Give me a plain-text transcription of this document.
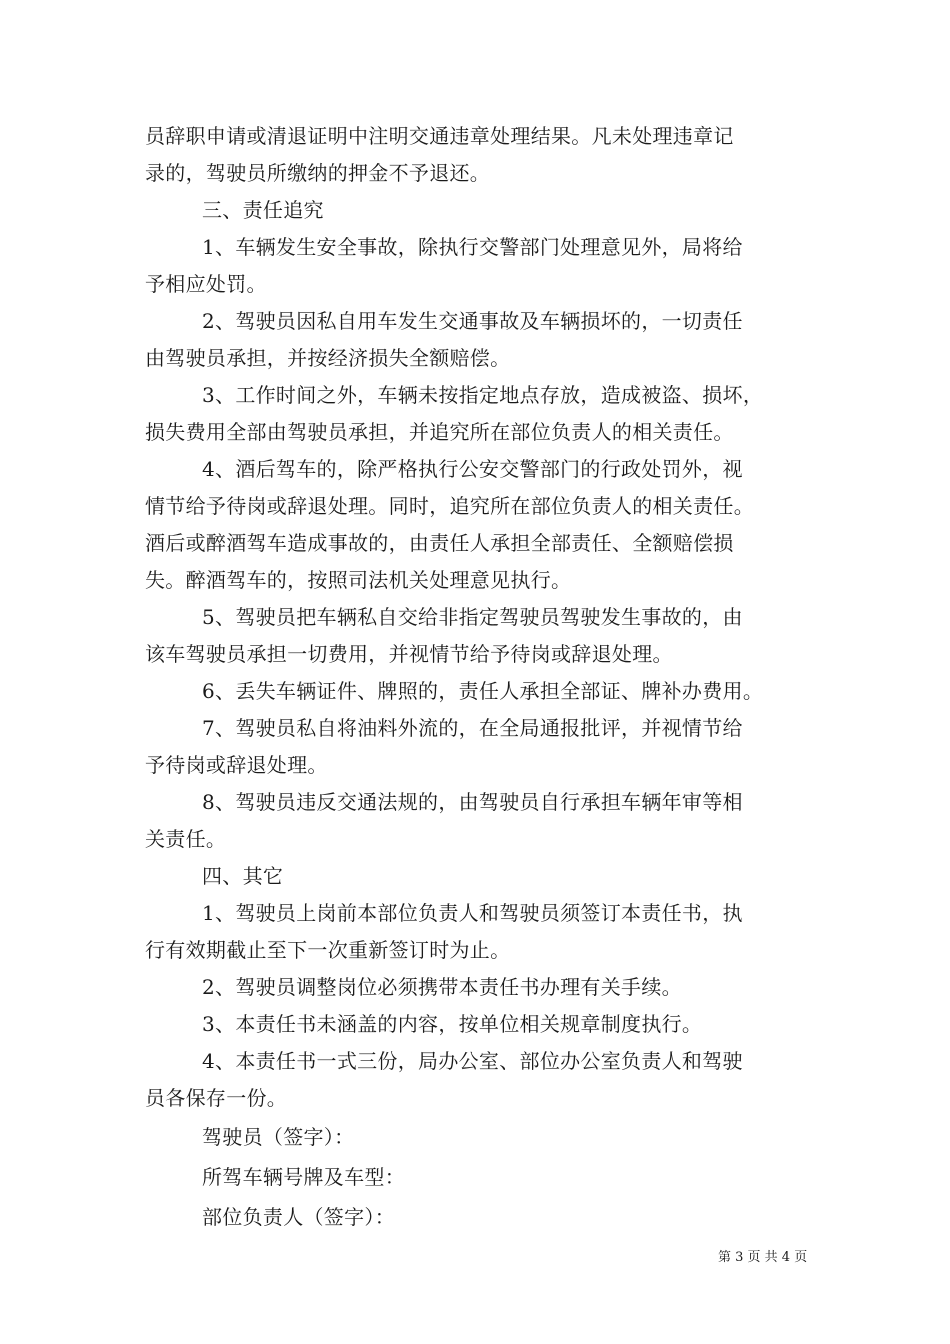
员辞职申请或清退证明中注明交通违章处理结果。凡未处理违章记
录的，驾驶员所缴纳的押金不予退还。
三、责任追究
1、车辆发生安全事故，除执行交警部门处理意见外，局将给
予相应处罚。
2、驾驶员因私自用车发生交通事故及车辆损坏的，一切责任
由驾驶员承担，并按经济损失全额赔偿。
3、工作时间之外，车辆未按指定地点存放，造成被盗、损坏，
损失费用全部由驾驶员承担，并追究所在部位负责人的相关责任。
4、酒后驾车的，除严格执行公安交警部门的行政处罚外，视
情节给予待岗或辞退处理。同时，追究所在部位负责人的相关责任。
酒后或醉酒驾车造成事故的，由责任人承担全部责任、全额赔偿损
失。醉酒驾车的，按照司法机关处理意见执行。
5、驾驶员把车辆私自交给非指定驾驶员驾驶发生事故的，由
该车驾驶员承担一切费用，并视情节给予待岗或辞退处理。
6、丢失车辆证件、牌照的，责任人承担全部证、牌补办费用。
7、驾驶员私自将油料外流的，在全局通报批评，并视情节给
予待岗或辞退处理。
8、驾驶员违反交通法规的，由驾驶员自行承担车辆年审等相
关责任。
四、其它
1、驾驶员上岗前本部位负责人和驾驶员须签订本责任书，执
行有效期截止至下一次重新签订时为止。
2、驾驶员调整岗位必须携带本责任书办理有关手续。
3、本责任书未涵盖的内容，按单位相关规章制度执行。
4、本责任书一式三份，局办公室、部位办公室负责人和驾驶
员各保存一份。
驾驶员（签字）：
所驾车辆号牌及车型：
部位负责人（签字）：
第 3 页 共 4 页
